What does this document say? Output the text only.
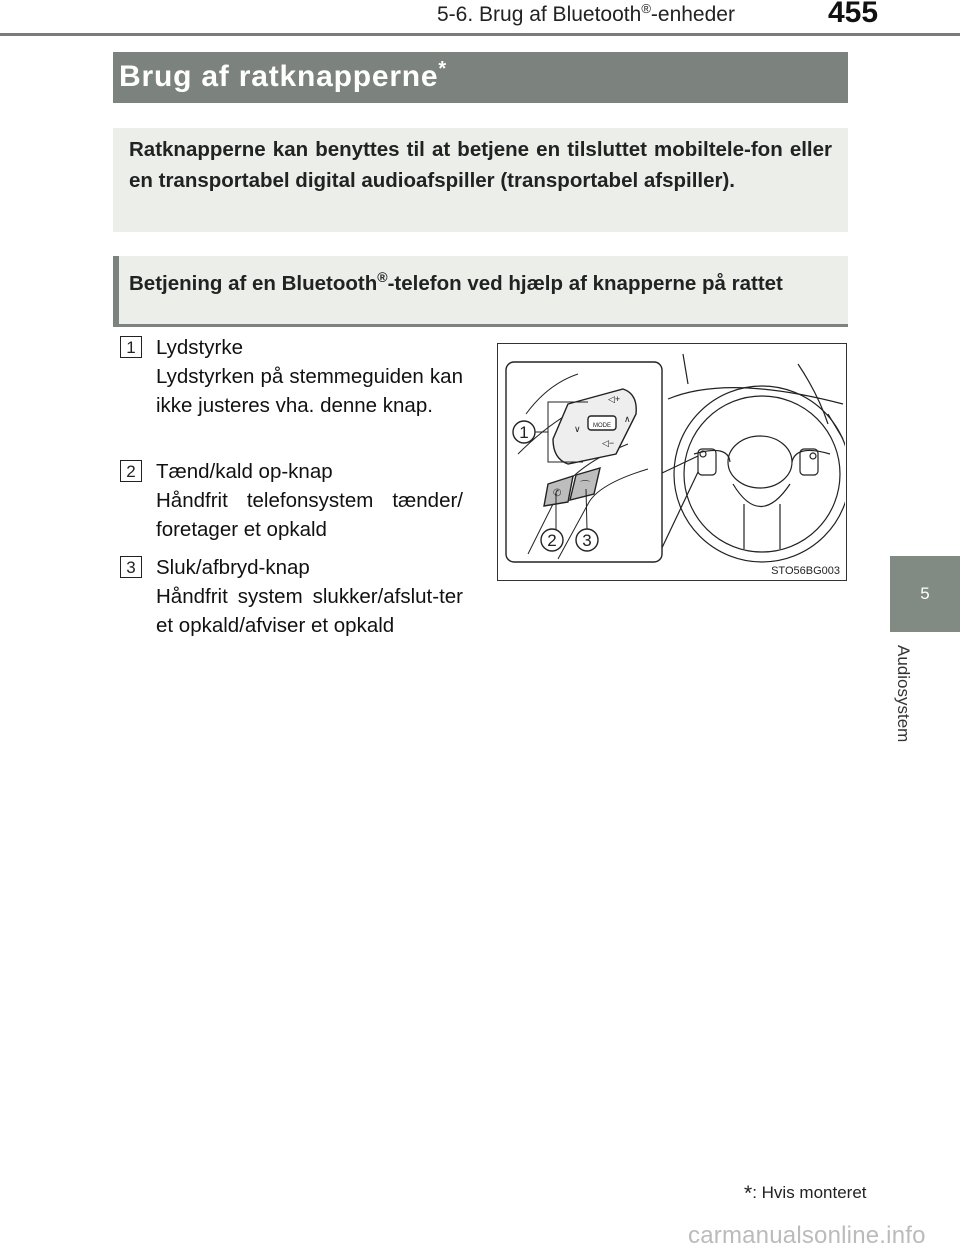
5-6. Brug af Bluetooth®-enheder	455
5
Audiosystem
Brug af ratknapperne*

Ratknapperne kan benyttes til at betjene en tilsluttet mobiltele-fon eller en transportabel digital audioafspiller (transportabel afspiller).

Betjening af en Bluetooth®-telefon ved hjælp af knapperne på rattet

1 Lydstyrke
Lydstyrken på stemmeguiden kan ikke justeres vha. denne knap.
2 Tænd/kald op-knap
Håndfrit telefonsystem tænder/ foretager et opkald
3 Sluk/afbryd-knap
Håndfrit system slukker/afslut-ter et opkald/afviser et opkald
1
2 3
MODE
◁+
◁−
∨
∧
✆
⌒
STO56BG003
*: Hvis monteret
carmanualsonline.info
